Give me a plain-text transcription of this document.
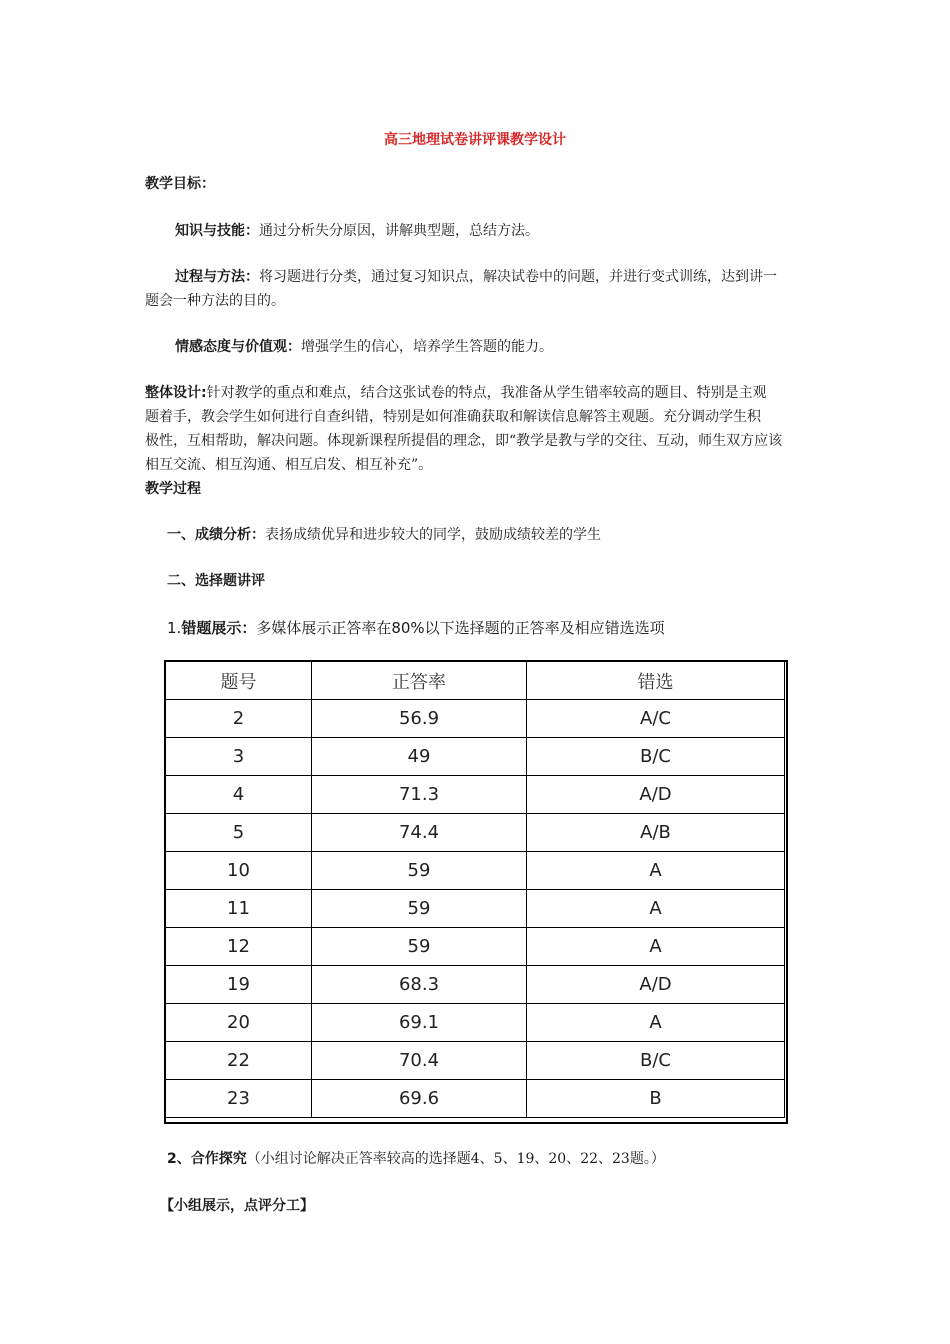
高三地理试卷讲评课教学设计
教学目标：
知识与技能：通过分析失分原因，讲解典型题，总结方法。
过程与方法：将习题进行分类，通过复习知识点，解决试卷中的问题，并进行变式训练，达到讲一
题会一种方法的目的。
情感态度与价值观：增强学生的信心，培养学生答题的能力。
整体设计:针对教学的重点和难点，结合这张试卷的特点，我准备从学生错率较高的题目、特别是主观
题着手，教会学生如何进行自查纠错，特别是如何准确获取和解读信息解答主观题。充分调动学生积
极性，互相帮助，解决问题。体现新课程所提倡的理念，即“教学是教与学的交往、互动，师生双方应该
相互交流、相互沟通、相互启发、相互补充”。
教学过程
一、成绩分析：表扬成绩优异和进步较大的同学，鼓励成绩较差的学生
二、选择题讲评
1.错题展示：多媒体展示正答率在80%以下选择题的正答率及相应错选选项
题号	正答率	错选
2	56.9	A/C
3	49	B/C
4	71.3	A/D
5	74.4	A/B
10	59	A
11	59	A
12	59	A
19	68.3	A/D
20	69.1	A
22	70.4	B/C
23	69.6	B
2、合作探究（小组讨论解决正答率较高的选择题4、5、19、20、22、23题。）
【小组展示，点评分工】
